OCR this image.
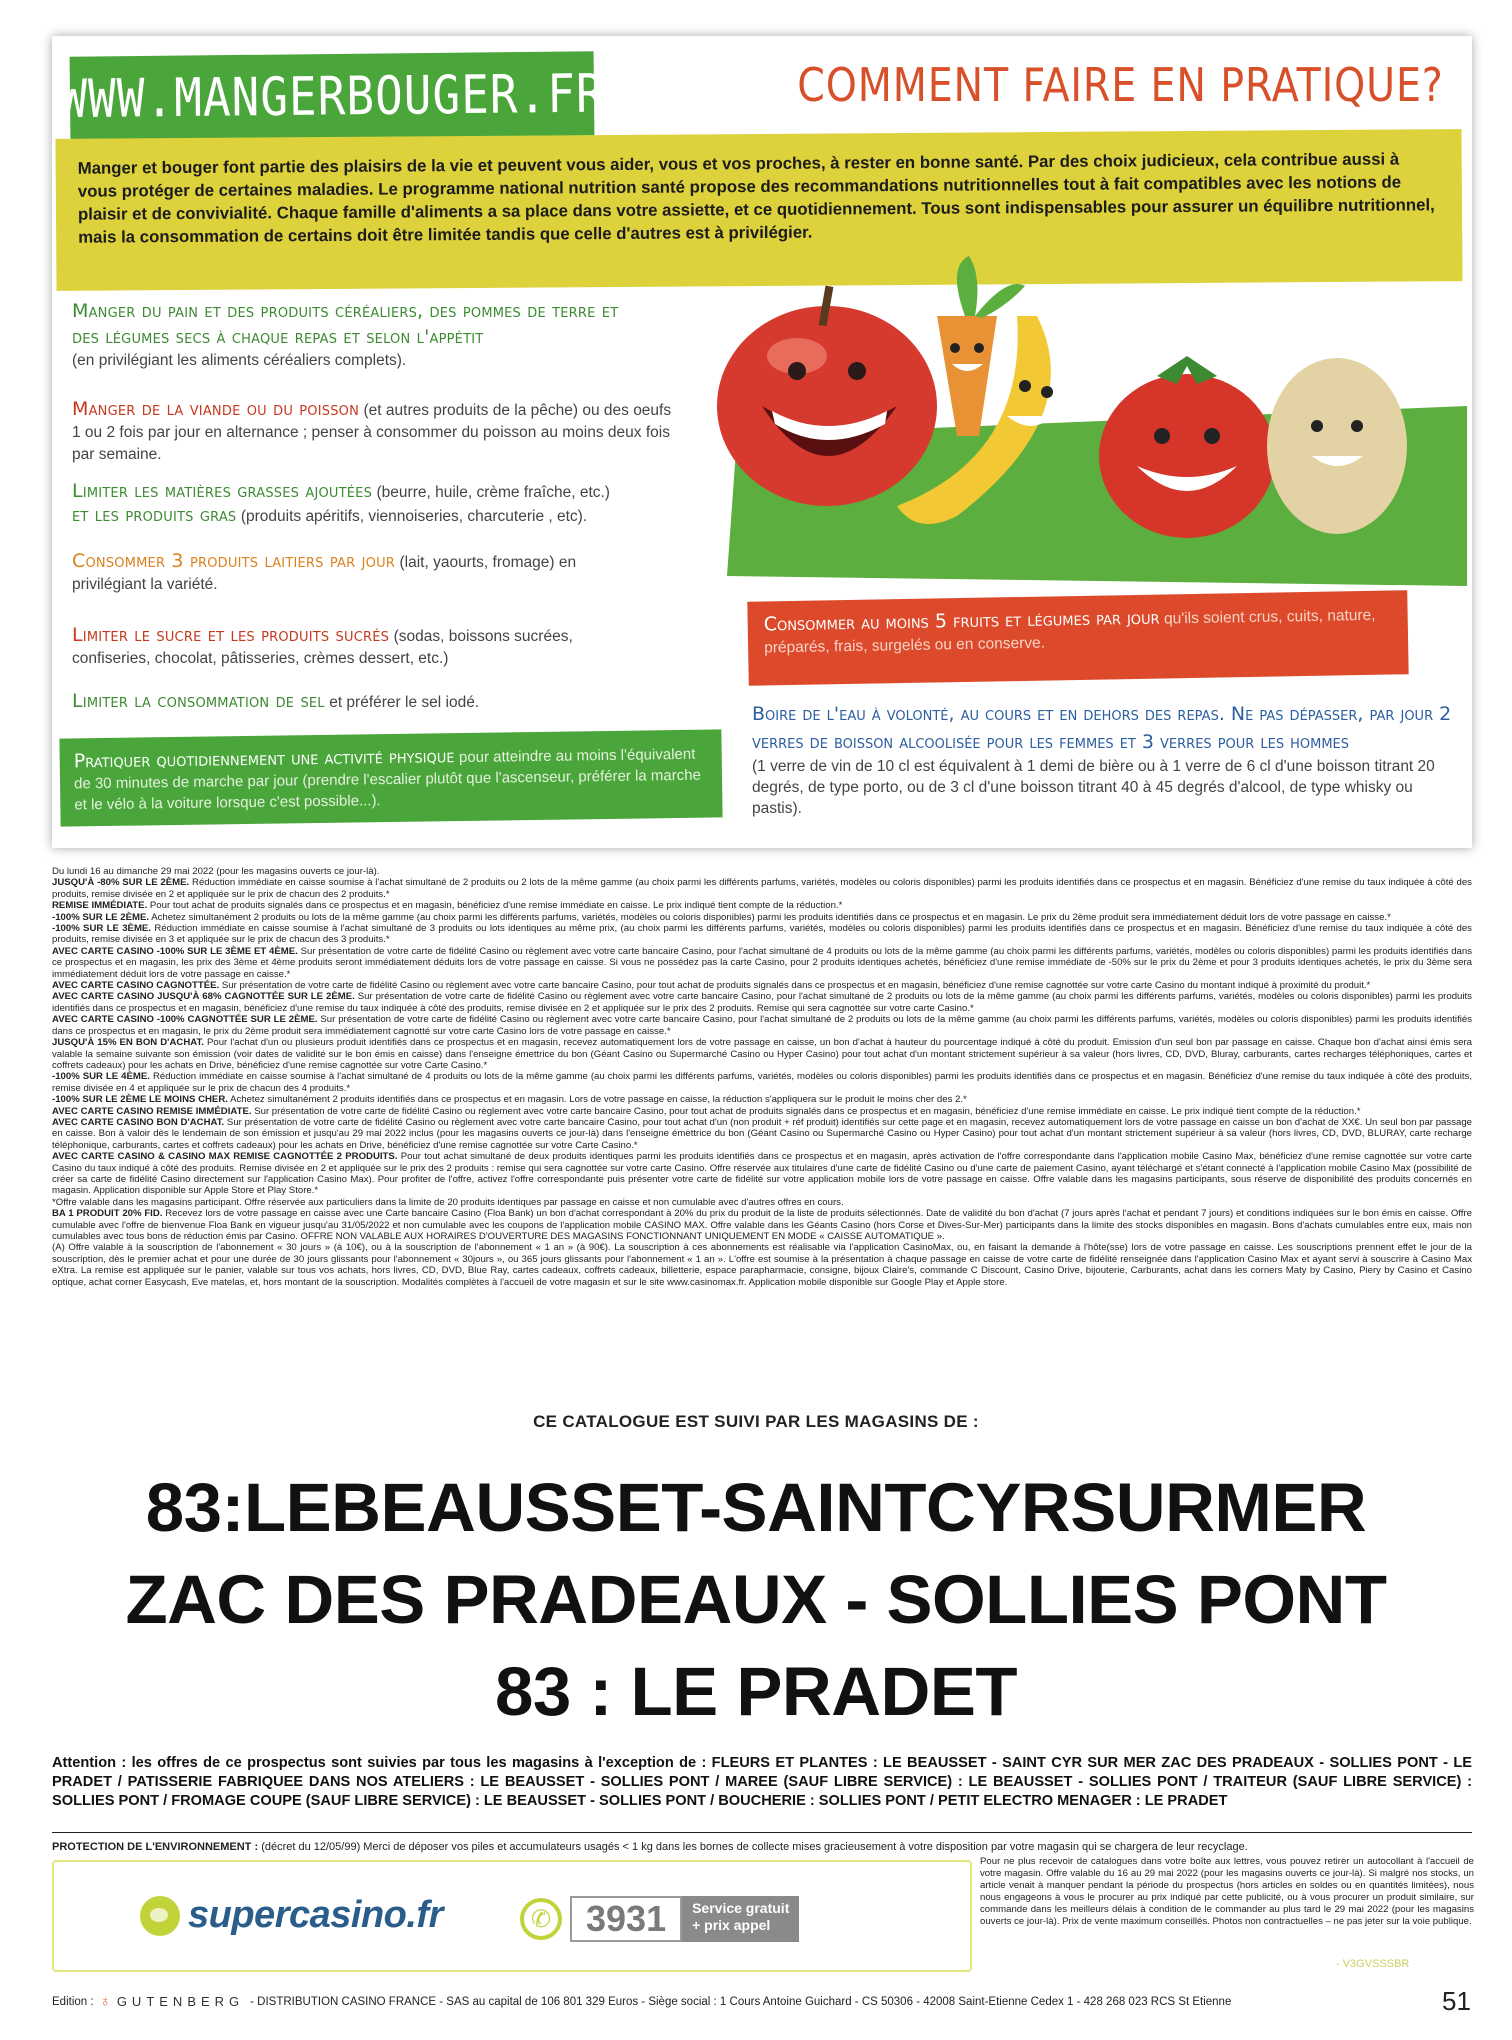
WWW.MANGERBOUGER.FR	COMMENT FAIRE EN PRATIQUE?

Manger et bouger font partie des plaisirs de la vie et peuvent vous aider, vous et vos proches, à rester en bonne santé. Par des choix judicieux, cela contribue aussi à vous protéger de certaines maladies. Le programme national nutrition santé propose des recommandations nutritionnelles tout à fait compatibles avec les notions de plaisir et de convivialité. Chaque famille d'aliments a sa place dans votre assiette, et ce quotidiennement. Tous sont indispensables pour assurer un équilibre nutritionnel, mais la consommation de certains doit être limitée tandis que celle d'autres est à privilégier.

Manger du pain et des produits céréaliers, des pommes de terre et des légumes secs à chaque repas et selon l'appétit
(en privilégiant les aliments céréaliers complets).
Manger de la viande ou du poisson (et autres produits de la pêche) ou des oeufs 1 ou 2 fois par jour en alternance ; penser à consommer du poisson au moins deux fois par semaine.
Limiter les matières grasses ajoutées (beurre, huile, crème fraîche, etc.)
et les produits gras (produits apéritifs, viennoiseries, charcuterie , etc).
Consommer 3 produits laitiers par jour (lait, yaourts, fromage) en privilégiant la variété.
Limiter le sucre et les produits sucrés (sodas, boissons sucrées, confiseries, chocolat, pâtisseries, crèmes dessert, etc.)
Limiter la consommation de sel et préférer le sel iodé.
Pratiquer quotidiennement une activité physique pour atteindre au moins l'équivalent de 30 minutes de marche par jour (prendre l'escalier plutôt que l'ascenseur, préférer la marche et le vélo à la voiture lorsque c'est possible...).
Consommer au moins 5 fruits et légumes par jour qu'ils soient crus, cuits, nature, préparés, frais, surgelés ou en conserve.
Boire de l'eau à volonté, au cours et en dehors des repas. Ne pas dépasser, par jour 2 verres de boisson alcoolisée pour les femmes et 3 verres pour les hommes
(1 verre de vin de 10 cl est équivalent à 1 demi de bière ou à 1 verre de 6 cl d'une boisson titrant 20 degrés, de type porto, ou de 3 cl d'une boisson titrant 40 à 45 degrés d'alcool, de type whisky ou pastis).
Du lundi 16 au dimanche 29 mai 2022 (pour les magasins ouverts ce jour-là).
JUSQU'À -80% SUR LE 2ÈME. Réduction immédiate en caisse soumise à l'achat simultané de 2 produits ou 2 lots de la même gamme (au choix parmi les différents parfums, variétés, modèles ou coloris disponibles) parmi les produits identifiés dans ce prospectus et en magasin. Bénéficiez d'une remise du taux indiquée à côté des produits, remise divisée en 2 et appliquée sur le prix de chacun des 2 produits.*
REMISE IMMÉDIATE. Pour tout achat de produits signalés dans ce prospectus et en magasin, bénéficiez d'une remise immédiate en caisse. Le prix indiqué tient compte de la réduction.*
-100% SUR LE 2ÈME. Achetez simultanément 2 produits ou lots de la même gamme (au choix parmi les différents parfums, variétés, modèles ou coloris disponibles) parmi les produits identifiés dans ce prospectus et en magasin. Le prix du 2ème produit sera immédiatement déduit lors de votre passage en caisse.*
-100% SUR LE 3ÈME. Réduction immédiate en caisse soumise à l'achat simultané de 3 produits ou lots identiques au même prix, (au choix parmi les différents parfums, variétés, modèles ou coloris disponibles) parmi les produits identifiés dans ce prospectus et en magasin. Bénéficiez d'une remise du taux indiquée à côté des produits, remise divisée en 3 et appliquée sur le prix de chacun des 3 produits.*
AVEC CARTE CASINO -100% SUR LE 3ÈME ET 4ÈME. Sur présentation de votre carte de fidélité Casino ou règlement avec votre carte bancaire Casino, pour l'achat simultané de 4 produits ou lots de la même gamme (au choix parmi les différents parfums, variétés, modèles ou coloris disponibles) parmi les produits identifiés dans ce prospectus et en magasin, les prix des 3ème et 4ème produits seront immédiatement déduits lors de votre passage en caisse. Si vous ne possédez pas la carte Casino, pour 2 produits identiques achetés, bénéficiez d'une remise immédiate de -50% sur le prix du 2ème et pour 3 produits identiques achetés, le prix du 3ème sera immédiatement déduit lors de votre passage en caisse.*
AVEC CARTE CASINO CAGNOTTÉE. Sur présentation de votre carte de fidélité Casino ou règlement avec votre carte bancaire Casino, pour tout achat de produits signalés dans ce prospectus et en magasin, bénéficiez d'une remise cagnottée sur votre carte Casino du montant indiqué à proximité du produit.*
AVEC CARTE CASINO JUSQU'À 68% CAGNOTTÉE SUR LE 2ÈME. Sur présentation de votre carte de fidélité Casino ou règlement avec votre carte bancaire Casino, pour l'achat simultané de 2 produits ou lots de la même gamme (au choix parmi les différents parfums, variétés, modèles ou coloris disponibles) parmi les produits identifiés dans ce prospectus et en magasin, bénéficiez d'une remise du taux indiquée à côté des produits, remise divisée en 2 et appliquée sur le prix des 2 produits. Remise qui sera cagnottée sur votre carte Casino.*
AVEC CARTE CASINO -100% CAGNOTTÉE SUR LE 2ÈME. Sur présentation de votre carte de fidélité Casino ou règlement avec votre carte bancaire Casino, pour l'achat simultané de 2 produits ou lots de la même gamme (au choix parmi les différents parfums, variétés, modèles ou coloris disponibles) parmi les produits identifiés dans ce prospectus et en magasin, le prix du 2ème produit sera immédiatement cagnotté sur votre carte Casino lors de votre passage en caisse.*
JUSQU'À 15% EN BON D'ACHAT. Pour l'achat d'un ou plusieurs produit identifiés dans ce prospectus et en magasin, recevez automatiquement lors de votre passage en caisse, un bon d'achat à hauteur du pourcentage indiqué à côté du produit. Emission d'un seul bon par passage en caisse. Chaque bon d'achat ainsi émis sera valable la semaine suivante son émission (voir dates de validité sur le bon émis en caisse) dans l'enseigne émettrice du bon (Géant Casino ou Supermarché Casino ou Hyper Casino) pour tout achat d'un montant strictement supérieur à sa valeur (hors livres, CD, DVD, Bluray, carburants, cartes recharges téléphoniques, cartes et coffrets cadeaux) pour les achats en Drive, bénéficiez d'une remise cagnottée sur votre Carte Casino.*
-100% SUR LE 4ÈME. Réduction immédiate en caisse soumise à l'achat simultané de 4 produits ou lots de la même gamme (au choix parmi les différents parfums, variétés, modèles ou coloris disponibles) parmi les produits identifiés dans ce prospectus et en magasin. Bénéficiez d'une remise du taux indiquée à côté des produits, remise divisée en 4 et appliquée sur le prix de chacun des 4 produits.*
-100% SUR LE 2ÈME LE MOINS CHER. Achetez simultanément 2 produits identifiés dans ce prospectus et en magasin. Lors de votre passage en caisse, la réduction s'appliquera sur le produit le moins cher des 2.*
AVEC CARTE CASINO REMISE IMMÉDIATE. Sur présentation de votre carte de fidélité Casino ou règlement avec votre carte bancaire Casino, pour tout achat de produits signalés dans ce prospectus et en magasin, bénéficiez d'une remise immédiate en caisse. Le prix indiqué tient compte de la réduction.*
AVEC CARTE CASINO BON D'ACHAT. Sur présentation de votre carte de fidélité Casino ou règlement avec votre carte bancaire Casino, pour tout achat d'un (non produit + réf produit) identifiés sur cette page et en magasin, recevez automatiquement lors de votre passage en caisse un bon d'achat de XX€. Un seul bon par passage en caisse. Bon à valoir dès le lendemain de son émission et jusqu'au 29 mai 2022 inclus (pour les magasins ouverts ce jour-là) dans l'enseigne émettrice du bon (Géant Casino ou Supermarché Casino ou Hyper Casino) pour tout achat d'un montant strictement supérieur à sa valeur (hors livres, CD, DVD, BLURAY, carte recharge téléphonique, carburants, cartes et coffrets cadeaux) pour les achats en Drive, bénéficiez d'une remise cagnottée sur votre Carte Casino.*
AVEC CARTE CASINO & CASINO MAX REMISE CAGNOTTÉE 2 PRODUITS. Pour tout achat simultané de deux produits identiques parmi les produits identifiés dans ce prospectus et en magasin, après activation de l'offre correspondante dans l'application mobile Casino Max, bénéficiez d'une remise cagnottée sur votre carte Casino du taux indiqué à côté des produits. Remise divisée en 2 et appliquée sur le prix des 2 produits : remise qui sera cagnottée sur votre carte Casino. Offre réservée aux titulaires d'une carte de fidélité Casino ou d'une carte de paiement Casino, ayant téléchargé et s'étant connecté à l'application mobile Casino Max (possibilité de créer sa carte de fidélité Casino directement sur l'application Casino Max). Pour profiter de l'offre, activez l'offre correspondante puis présenter votre carte de fidélité sur votre application mobile lors de votre passage en caisse. Offre valable dans les magasins participants, sous réserve de disponibilité des produits concernés en magasin. Application disponible sur Apple Store et Play Store.*
*Offre valable dans les magasins participant. Offre réservée aux particuliers dans la limite de 20 produits identiques par passage en caisse et non cumulable avec d'autres offres en cours.
BA 1 PRODUIT 20% FID. Recevez lors de votre passage en caisse avec une Carte bancaire Casino (Floa Bank) un bon d'achat correspondant à 20% du prix du produit de la liste de produits sélectionnés. Date de validité du bon d'achat (7 jours après l'achat et pendant 7 jours) et conditions indiquées sur le bon émis en caisse. Offre cumulable avec l'offre de bienvenue Floa Bank en vigueur jusqu'au 31/05/2022 et non cumulable avec les coupons de l'application mobile CASINO MAX. Offre valable dans les Géants Casino (hors Corse et Dives-Sur-Mer) participants dans la limite des stocks disponibles en magasin. Bons d'achats cumulables entre eux, mais non cumulables avec tous bons de réduction émis par Casino. OFFRE NON VALABLE AUX HORAIRES D'OUVERTURE DES MAGASINS FONCTIONNANT UNIQUEMENT EN MODE « CAISSE AUTOMATIQUE ».
(A) Offre valable à la souscription de l'abonnement « 30 jours » (à 10€), ou à la souscription de l'abonnement « 1 an » (à 90€). La souscription à ces abonnements est réalisable via l'application CasinoMax, ou, en faisant la demande à l'hôte(sse) lors de votre passage en caisse. Les souscriptions prennent effet le jour de la souscription, dès le premier achat et pour une durée de 30 jours glissants pour l'abonnement « 30jours », ou 365 jours glissants pour l'abonnement « 1 an ». L'offre est soumise à la présentation à chaque passage en caisse de votre carte de fidélité renseignée dans l'application Casino Max et ayant servi à souscrire à Casino Max eXtra. La remise est appliquée sur le panier, valable sur tous vos achats, hors livres, CD, DVD, Blue Ray, cartes cadeaux, coffrets cadeaux, billetterie, espace parapharmacie, consigne, bijoux Claire's, commande C Discount, Casino Drive, bijouterie, Carburants, achat dans les corners Maty by Casino, Piery by Casino et Casino optique, achat corner Easycash, Eve matelas, et, hors montant de la souscription. Modalités complètes à l'accueil de votre magasin et sur le site www.casinomax.fr. Application mobile disponible sur Google Play et Apple store.
CE CATALOGUE EST SUIVI PAR LES MAGASINS DE :
83:LEBEAUSSET-SAINTCYRSURMER
ZAC DES PRADEAUX - SOLLIES PONT
83 : LE PRADET
Attention : les offres de ce prospectus sont suivies par tous les magasins à l'exception de : FLEURS ET PLANTES : LE BEAUSSET - SAINT CYR SUR MER ZAC DES PRADEAUX - SOLLIES PONT - LE PRADET / PATISSERIE FABRIQUEE DANS NOS ATELIERS : LE BEAUSSET - SOLLIES PONT / MAREE (SAUF LIBRE SERVICE) : LE BEAUSSET - SOLLIES PONT / TRAITEUR (SAUF LIBRE SERVICE) : SOLLIES PONT / FROMAGE COUPE (SAUF LIBRE SERVICE) : LE BEAUSSET - SOLLIES PONT / BOUCHERIE : SOLLIES PONT / PETIT ELECTRO MENAGER : LE PRADET
PROTECTION DE L'ENVIRONNEMENT : (décret du 12/05/99) Merci de déposer vos piles et accumulateurs usagés < 1 kg dans les bornes de collecte mises gracieusement à votre disposition par votre magasin qui se chargera de leur recyclage.
supercasino.fr	✆ 3931	Service gratuit
+ prix appel
Pour ne plus recevoir de catalogues dans votre boîte aux lettres, vous pouvez retirer un autocollant à l'accueil de votre magasin. Offre valable du 16 au 29 mai 2022 (pour les magasins ouverts ce jour-là). Si malgré nos stocks, un article venait à manquer pendant la période du prospectus (hors articles en soldes ou en quantités limitées), nous nous engageons à vous le procurer au prix indiqué par cette publicité, ou à vous procurer un produit similaire, sur commande dans les meilleurs délais à condition de le commander au plus tard le 29 mai 2022 (pour les magasins ouverts ce jour-là). Prix de vente maximum conseillés. Photos non contractuelles – ne pas jeter sur la voie publique.
- V3GVSSSBR
Edition : ♁ GUTENBERG - DISTRIBUTION CASINO FRANCE - SAS au capital de 106 801 329 Euros - Siège social : 1 Cours Antoine Guichard - CS 50306 - 42008 Saint-Etienne Cedex 1 - 428 268 023 RCS St Etienne	51
